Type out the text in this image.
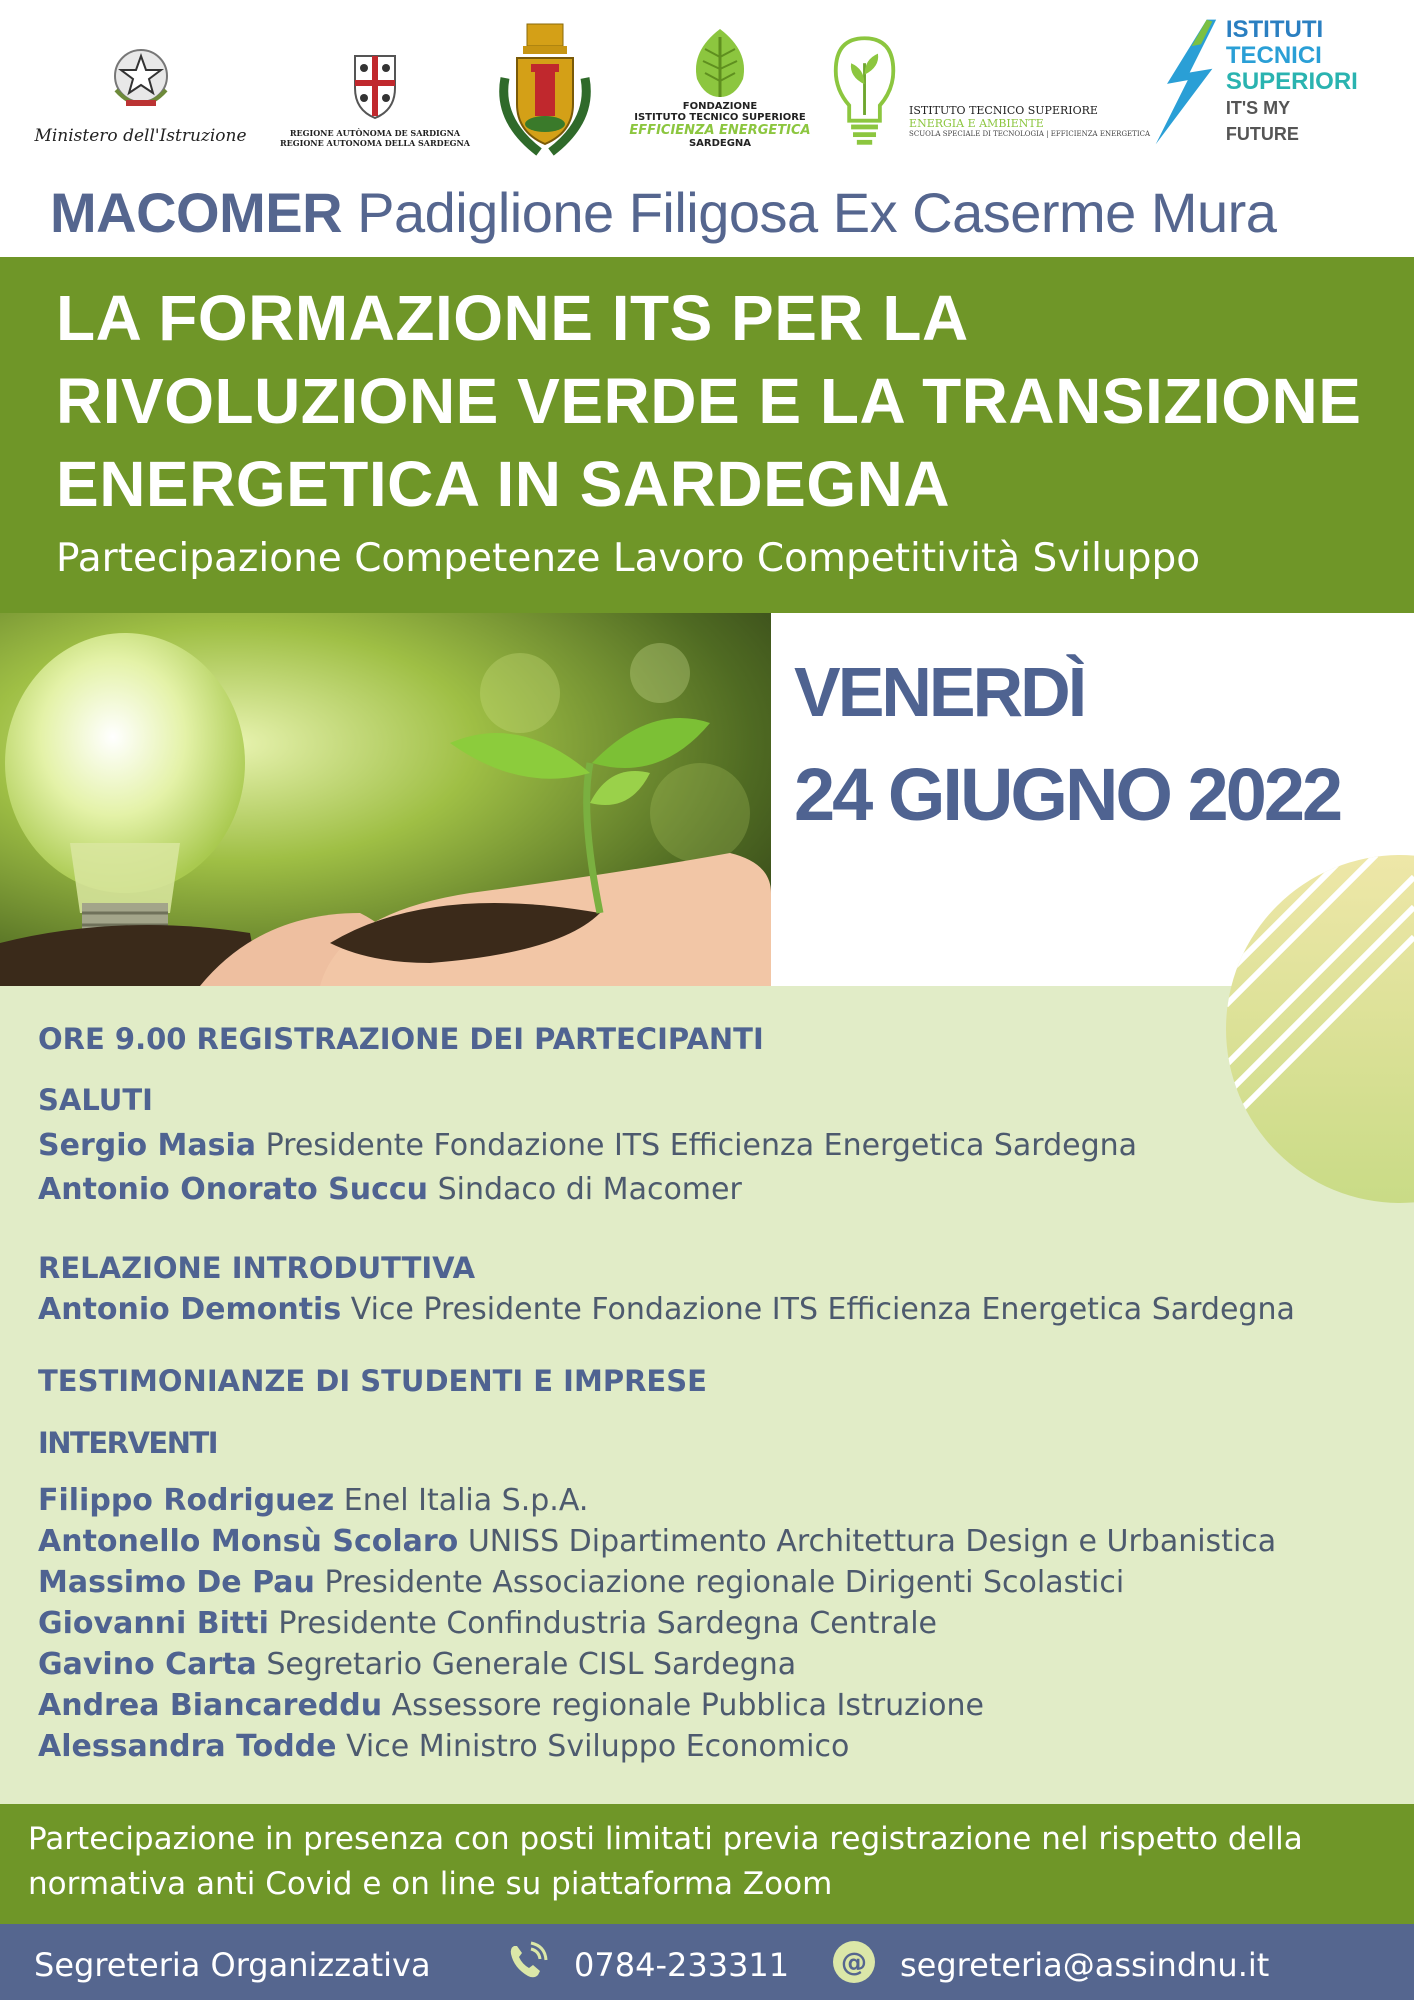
Ministero dell'Istruzione	REGIONE AUTÒNOMA DE SARDIGNA
REGIONE AUTONOMA DELLA SARDEGNA
FONDAZIONE
ISTITUTO TECNICO SUPERIORE
EFFICIENZA ENERGETICA
SARDEGNA
ISTITUTO TECNICO SUPERIORE
ENERGIA E AMBIENTE
SCUOLA SPECIALE DI TECNOLOGIA | EFFICIENZA ENERGETICA
ISTITUTI
TECNICI
SUPERIORI
IT'S MY FUTURE
MACOMER Padiglione Filigosa Ex Caserme Mura
LA FORMAZIONE ITS PER LA
RIVOLUZIONE VERDE E LA TRANSIZIONE
ENERGETICA IN SARDEGNA
Partecipazione Competenze Lavoro Competitività Sviluppo
VENERDÌ
24 GIUGNO 2022
ORE 9.00 REGISTRAZIONE DEI PARTECIPANTI
SALUTI
Sergio Masia Presidente Fondazione ITS Efficienza Energetica Sardegna
Antonio Onorato Succu Sindaco di Macomer
RELAZIONE INTRODUTTIVA
Antonio Demontis Vice Presidente Fondazione ITS Efficienza Energetica Sardegna
TESTIMONIANZE DI STUDENTI E IMPRESE
INTERVENTI
Filippo Rodriguez Enel Italia S.p.A.
Antonello Monsù Scolaro UNISS Dipartimento Architettura Design e Urbanistica
Massimo De Pau Presidente Associazione regionale Dirigenti Scolastici
Giovanni Bitti Presidente Confindustria Sardegna Centrale
Gavino Carta Segretario Generale CISL Sardegna
Andrea Biancareddu Assessore regionale Pubblica Istruzione
Alessandra Todde Vice Ministro Sviluppo Economico
Partecipazione in presenza con posti limitati previa registrazione nel rispetto della
normativa anti Covid e on line su piattaforma Zoom
Segreteria Organizzativa	0784-233311 @ segreteria@assindnu.it
